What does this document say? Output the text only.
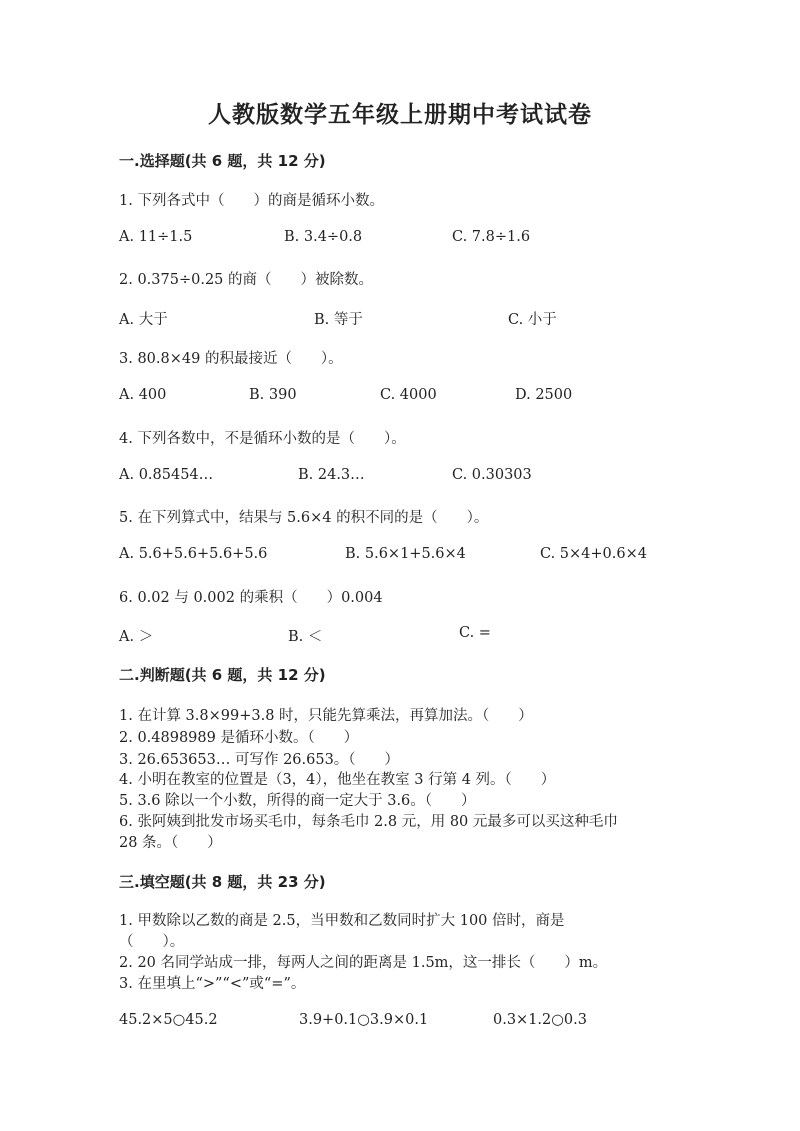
人教版数学五年级上册期中考试试卷
一.选择题(共 6 题，共 12 分)
1. 下列各式中（　　）的商是循环小数。
A. 11÷1.5	B. 3.4÷0.8	C. 7.8÷1.6
2. 0.375÷0.25 的商（　　）被除数。
A. 大于	B. 等于	C. 小于
3. 80.8×49 的积最接近（　　）。
A. 400	B. 390	C. 4000	D. 2500
4. 下列各数中，不是循环小数的是（　　）。
A. 0.85454…	B. 24.3…	C. 0.30303
5. 在下列算式中，结果与 5.6×4 的积不同的是（　　）。
A. 5.6+5.6+5.6+5.6	B. 5.6×1+5.6×4	C. 5×4+0.6×4
6. 0.02 与 0.002 的乘积（　　）0.004
A. ＞	B. ＜	C. =
二.判断题(共 6 题，共 12 分)
1. 在计算 3.8×99+3.8 时，只能先算乘法，再算加法。（　　）
2. 0.4898989 是循环小数。（　　）
3. 26.653653… 可写作 26.653。（　　）
4. 小明在教室的位置是（3，4），他坐在教室 3 行第 4 列。（　　）
5. 3.6 除以一个小数，所得的商一定大于 3.6。（　　）
6. 张阿姨到批发市场买毛巾，每条毛巾 2.8 元，用 80 元最多可以买这种毛巾
28 条。（　　）
三.填空题(共 8 题，共 23 分)
1. 甲数除以乙数的商是 2.5，当甲数和乙数同时扩大 100 倍时，商是
（　　）。
2. 20 名同学站成一排，每两人之间的距离是 1.5m，这一排长（　　）m。
3. 在里填上“>”“<”或“=”。
45.2×5○45.2	3.9+0.1○3.9×0.1	0.3×1.2○0.3
